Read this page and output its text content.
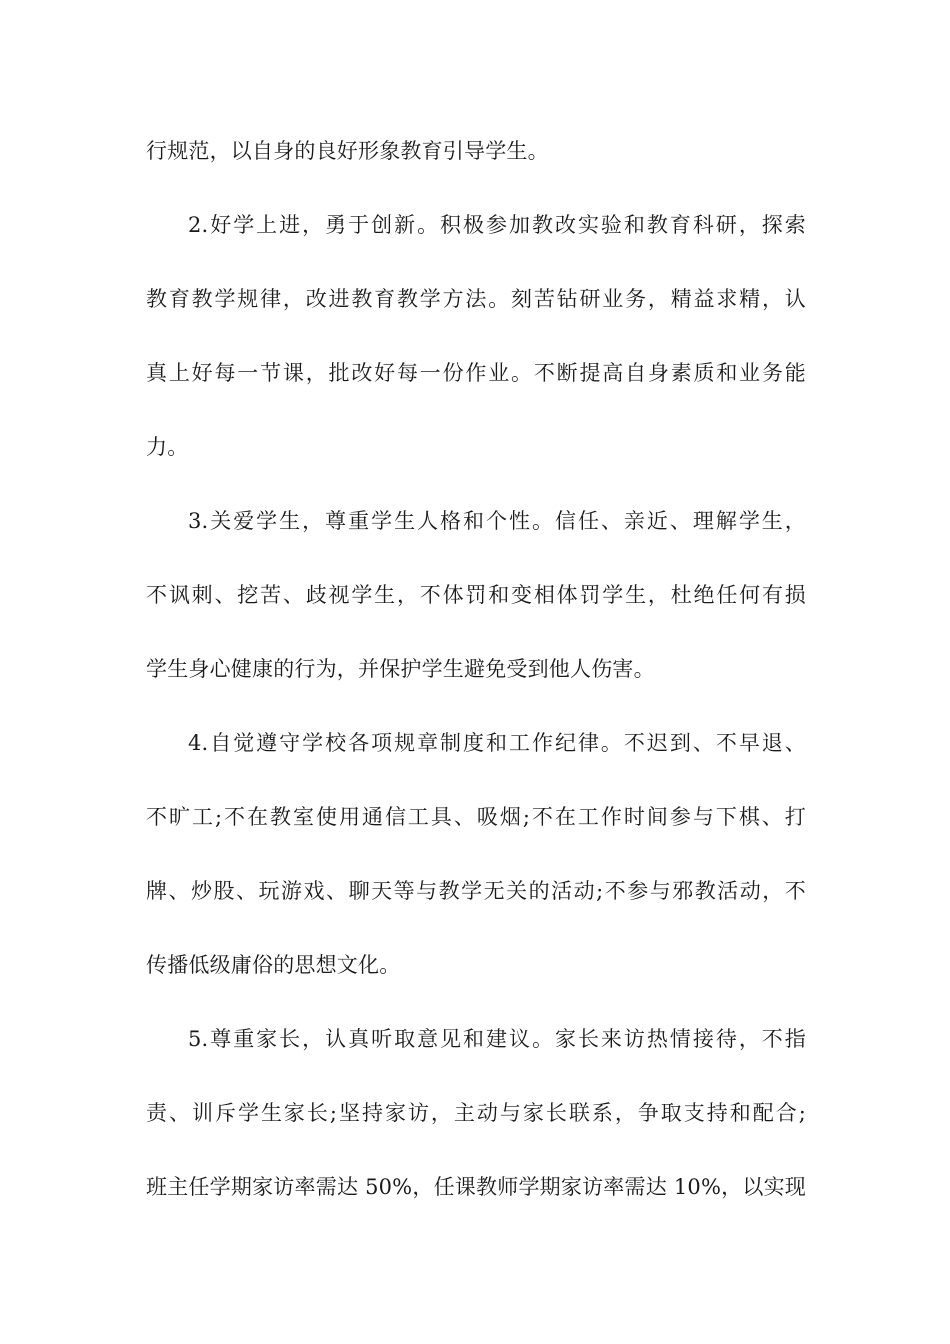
行规范，以自身的良好形象教育引导学生。
2.好学上进，勇于创新。积极参加教改实验和教育科研，探索
教育教学规律，改进教育教学方法。刻苦钻研业务，精益求精，认
真上好每一节课，批改好每一份作业。不断提高自身素质和业务能
力。
3.关爱学生，尊重学生人格和个性。信任、亲近、理解学生，
不讽刺、挖苦、歧视学生，不体罚和变相体罚学生，杜绝任何有损
学生身心健康的行为，并保护学生避免受到他人伤害。
4.自觉遵守学校各项规章制度和工作纪律。不迟到、不早退、
不旷工;不在教室使用通信工具、吸烟;不在工作时间参与下棋、打
牌、炒股、玩游戏、聊天等与教学无关的活动;不参与邪教活动，不
传播低级庸俗的思想文化。
5.尊重家长，认真听取意见和建议。家长来访热情接待，不指
责、训斥学生家长;坚持家访，主动与家长联系，争取支持和配合;
班主任学期家访率需达 50%，任课教师学期家访率需达 10%，以实现
